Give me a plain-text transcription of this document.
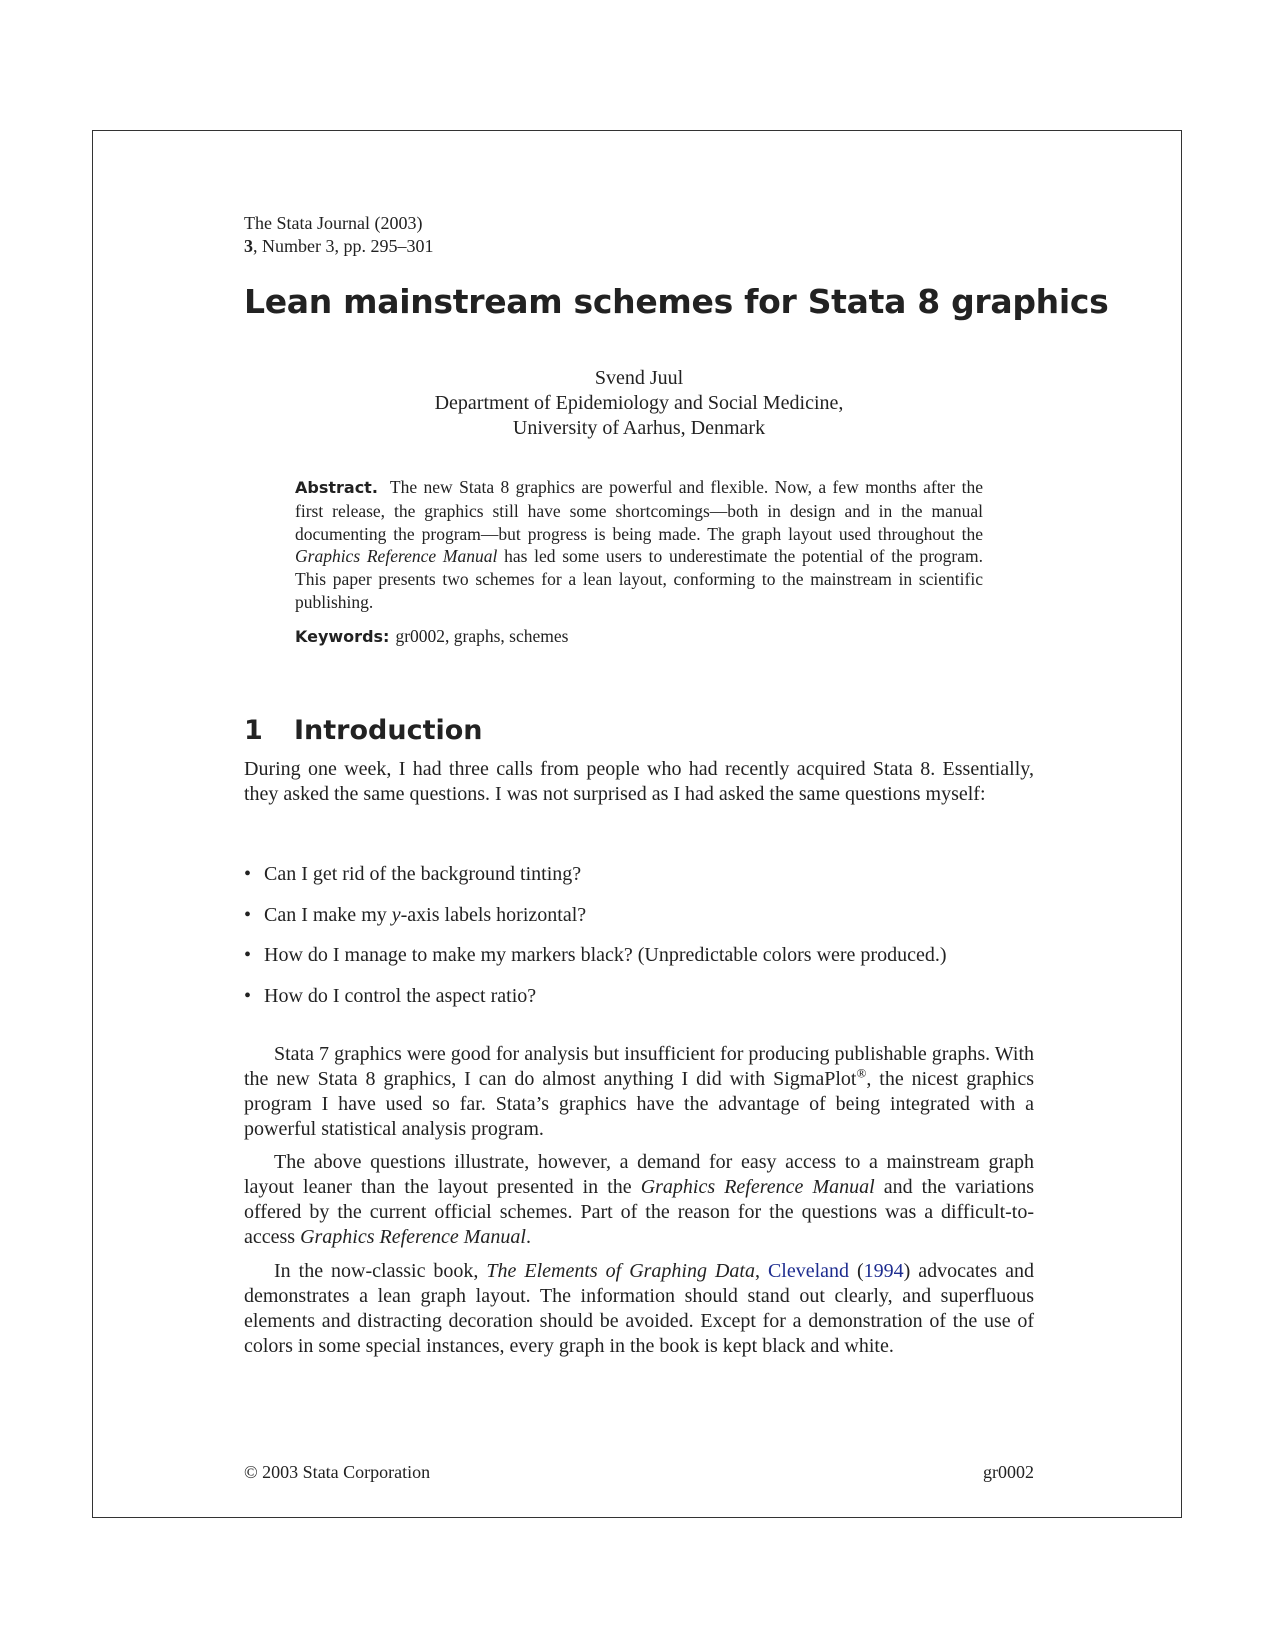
The Stata Journal (2003)
3, Number 3, pp. 295–301
Lean mainstream schemes for Stata 8 graphics
Svend Juul
Department of Epidemiology and Social Medicine,
University of Aarhus, Denmark
Abstract. The new Stata 8 graphics are powerful and flexible. Now, a few months after the first release, the graphics still have some shortcomings—both in design and in the manual documenting the program—but progress is being made. The graph layout used throughout the Graphics Reference Manual has led some users to underestimate the potential of the program. This paper presents two schemes for a lean layout, conforming to the mainstream in scientific publishing.
Keywords: gr0002, graphs, schemes
1 Introduction

During one week, I had three calls from people who had recently acquired Stata 8. Essentially, they asked the same questions. I was not surprised as I had asked the same questions myself:

• Can I get rid of the background tinting?
• Can I make my y-axis labels horizontal?
• How do I manage to make my markers black? (Unpredictable colors were produced.)
• How do I control the aspect ratio?

Stata 7 graphics were good for analysis but insufficient for producing publishable graphs. With the new Stata 8 graphics, I can do almost anything I did with SigmaPlot®, the nicest graphics program I have used so far. Stata’s graphics have the advantage of being integrated with a powerful statistical analysis program.

The above questions illustrate, however, a demand for easy access to a mainstream graph layout leaner than the layout presented in the Graphics Reference Manual and the variations offered by the current official schemes. Part of the reason for the questions was a difficult-to-access Graphics Reference Manual.

In the now-classic book, The Elements of Graphing Data, Cleveland (1994) advocates and demonstrates a lean graph layout. The information should stand out clearly, and superfluous elements and distracting decoration should be avoided. Except for a demonstration of the use of colors in some special instances, every graph in the book is kept black and white.

© 2003 Stata Corporation	gr0002
